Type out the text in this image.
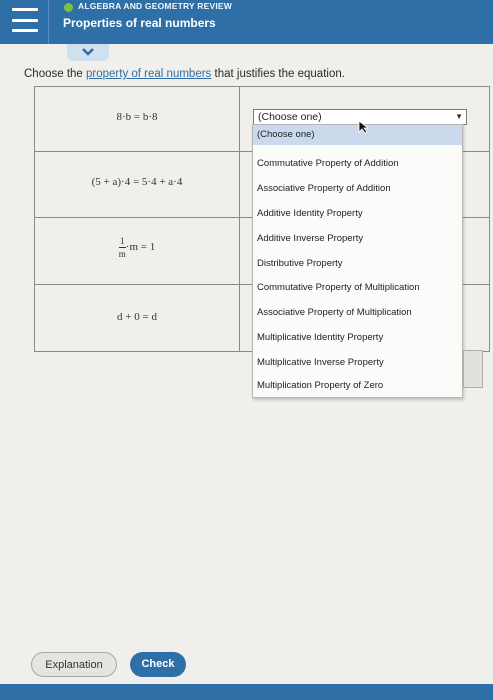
ALGEBRA AND GEOMETRY REVIEW
Properties of real numbers
Choose the property of real numbers that justifies the equation.
8·b = b·8
(5 + a)·4 = 5·4 + a·4
$\frac{1}{m}\cdot m = 1$
d + 0 = d
Explanation	Check
(Choose one)	▼
(Choose one)
Commutative Property of Addition
Associative Property of Addition
Additive Identity Property
Additive Inverse Property
Distributive Property
Commutative Property of Multiplication
Associative Property of Multiplication
Multiplicative Identity Property
Multiplicative Inverse Property
Multiplication Property of Zero
